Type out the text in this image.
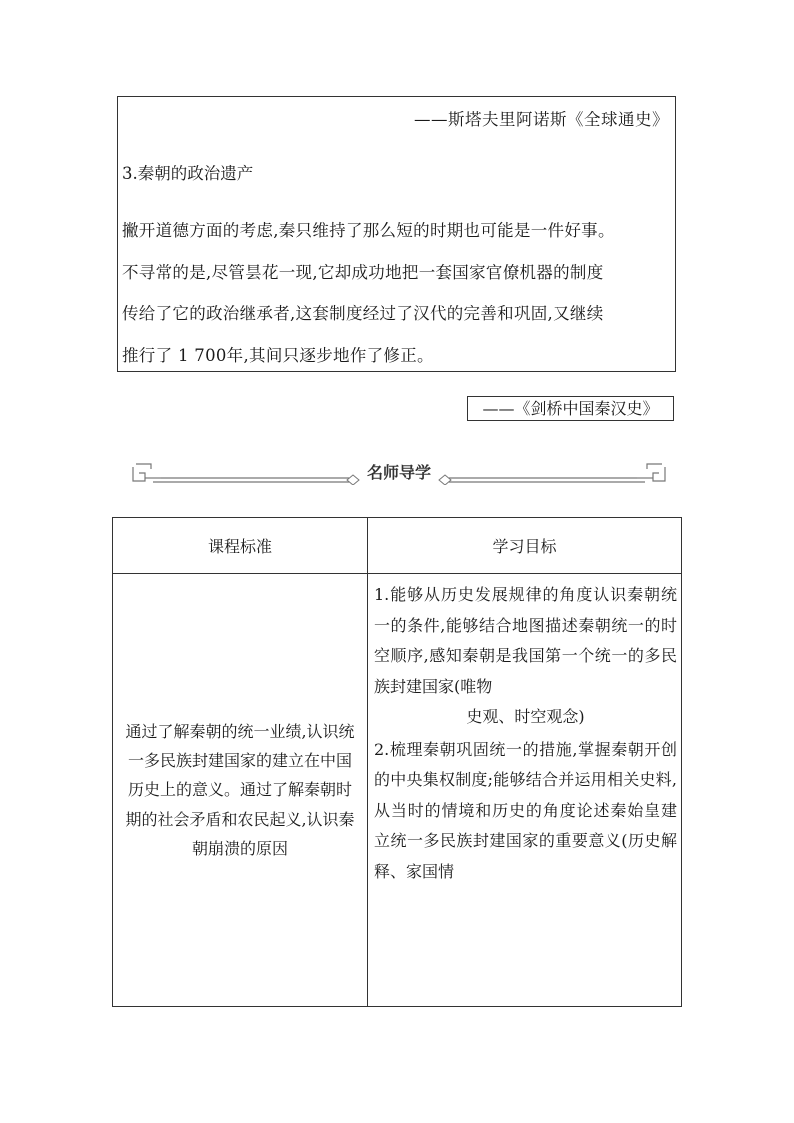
——斯塔夫里阿诺斯《全球通史》
3.秦朝的政治遗产
撇开道德方面的考虑,秦只维持了那么短的时期也可能是一件好事。
不寻常的是,尽管昙花一现,它却成功地把一套国家官僚机器的制度
传给了它的政治继承者,这套制度经过了汉代的完善和巩固,又继续
推行了 1 700年,其间只逐步地作了修正。
——《剑桥中国秦汉史》
名师导学
课程标准	学习目标
通过了解秦朝的统一业绩,认识统一多民族封建国家的建立在中国历史上的意义。通过了解秦朝时期的社会矛盾和农民起义,认识秦朝崩溃的原因	1.能够从历史发展规律的角度认识秦朝统一的条件,能够结合地图描述秦朝统一的时空顺序,感知秦朝是我国第一个统一的多民族封建国家(唯物

史观、时空观念)

2.梳理秦朝巩固统一的措施,掌握秦朝开创的中央集权制度;能够结合并运用相关史料,从当时的情境和历史的角度论述秦始皇建立统一多民族封建国家的重要意义(历史解释、家国情
